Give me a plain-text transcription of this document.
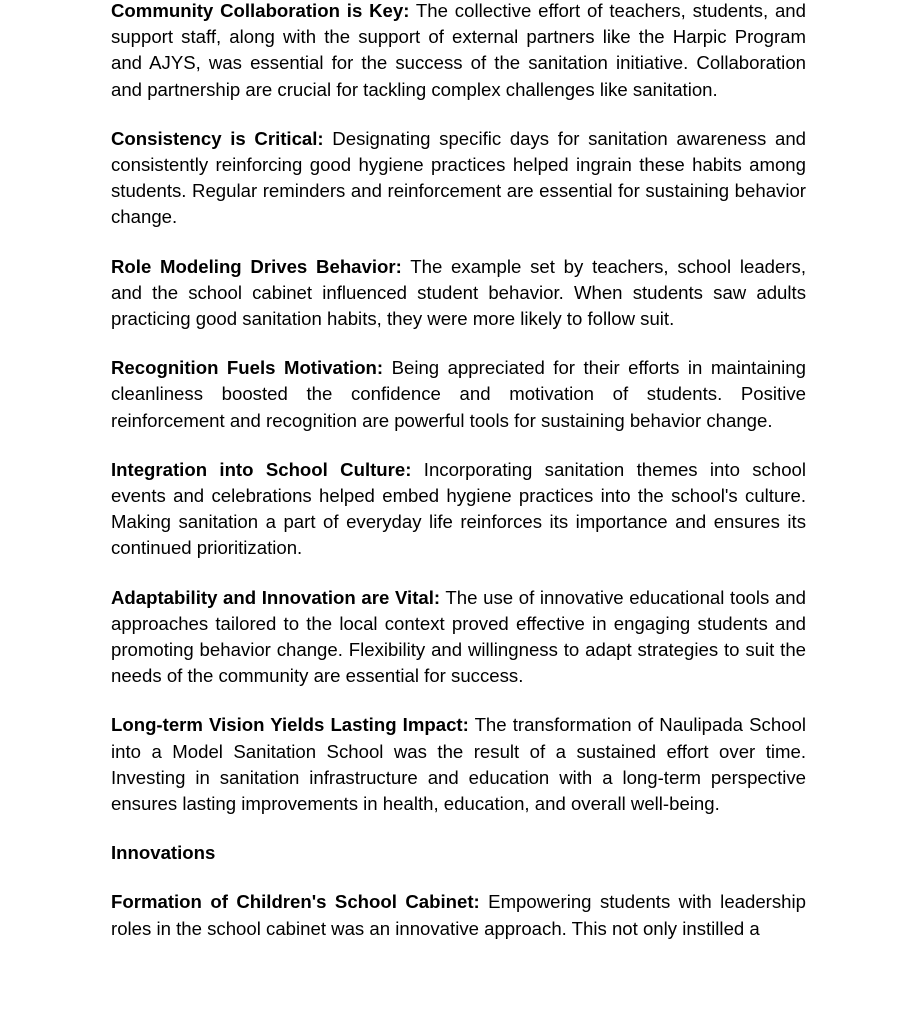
Community Collaboration is Key: The collective effort of teachers, students, and support staff, along with the support of external partners like the Harpic Program and AJYS, was essential for the success of the sanitation initiative. Collaboration and partnership are crucial for tackling complex challenges like sanitation.

Consistency is Critical: Designating specific days for sanitation awareness and consistently reinforcing good hygiene practices helped ingrain these habits among students. Regular reminders and reinforcement are essential for sustaining behavior change.

Role Modeling Drives Behavior: The example set by teachers, school leaders, and the school cabinet influenced student behavior. When students saw adults practicing good sanitation habits, they were more likely to follow suit.

Recognition Fuels Motivation: Being appreciated for their efforts in maintaining cleanliness boosted the confidence and motivation of students. Positive reinforcement and recognition are powerful tools for sustaining behavior change.

Integration into School Culture: Incorporating sanitation themes into school events and celebrations helped embed hygiene practices into the school's culture. Making sanitation a part of everyday life reinforces its importance and ensures its continued prioritization.

Adaptability and Innovation are Vital: The use of innovative educational tools and approaches tailored to the local context proved effective in engaging students and promoting behavior change. Flexibility and willingness to adapt strategies to suit the needs of the community are essential for success.

Long-term Vision Yields Lasting Impact: The transformation of Naulipada School into a Model Sanitation School was the result of a sustained effort over time. Investing in sanitation infrastructure and education with a long-term perspective ensures lasting improvements in health, education, and overall well-being.

Innovations

Formation of Children's School Cabinet: Empowering students with leadership roles in the school cabinet was an innovative approach. This not only instilled a
